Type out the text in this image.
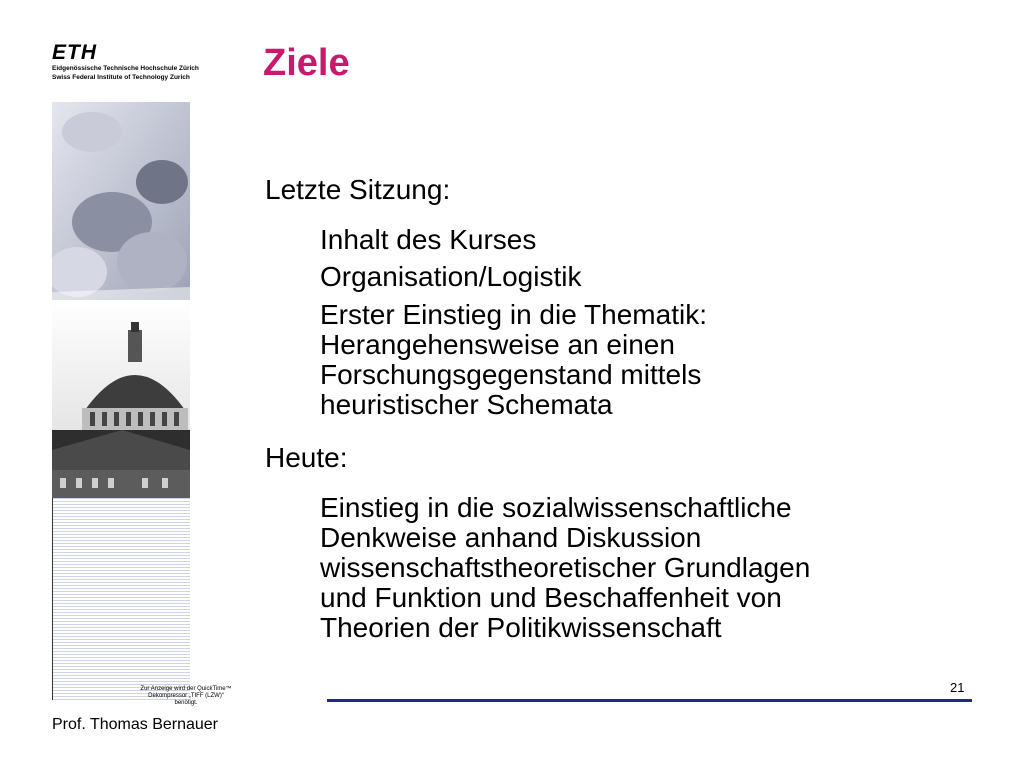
ETH
Eidgenössische Technische Hochschule Zürich
Swiss Federal Institute of Technology Zurich
Zur Anzeige wird der QuickTime™
Dekompressor „TIFF (LZW)“
benötigt.
Ziele
Letzte Sitzung:
Inhalt des Kurses
Organisation/Logistik
Erster Einstieg in die Thematik:
Herangehensweise an einen
Forschungsgegenstand mittels
heuristischer Schemata
Heute:
Einstieg in die sozialwissenschaftliche
Denkweise anhand Diskussion
wissenschaftstheoretischer Grundlagen
und Funktion und Beschaffenheit von
Theorien der Politikwissenschaft
21
Prof. Thomas Bernauer
